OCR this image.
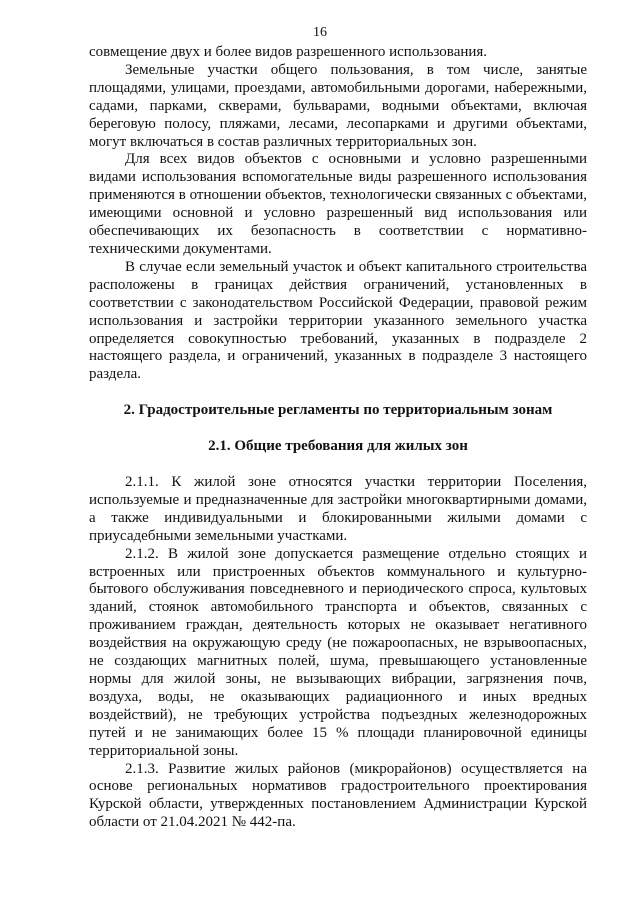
16

совмещение двух и более видов разрешенного использования.

Земельные участки общего пользования, в том числе, занятые площадями, улицами, проездами, автомобильными дорогами, набережными, садами, парками, скверами, бульварами, водными объектами, включая береговую полосу, пляжами, лесами, лесопарками и другими объектами, могут включаться в состав различных территориальных зон.

Для всех видов объектов с основными и условно разрешенными видами использования вспомогательные виды разрешенного использования применяются в отношении объектов, технологически связанных с объектами, имеющими основной и условно разрешенный вид использования или обеспечивающих их безопасность в соответствии с нормативно-техническими документами.

В случае если земельный участок и объект капитального строительства расположены в границах действия ограничений, установленных в соответствии с законодательством Российской Федерации, правовой режим использования и застройки территории указанного земельного участка определяется совокупностью требований, указанных в подразделе 2 настоящего раздела, и ограничений, указанных в подразделе 3 настоящего раздела.

2. Градостроительные регламенты по территориальным зонам
2.1. Общие требования для жилых зон

2.1.1. К жилой зоне относятся участки территории Поселения, используемые и предназначенные для застройки многоквартирными домами, а также индивидуальными и блокированными жилыми домами с приусадебными земельными участками.

2.1.2. В жилой зоне допускается размещение отдельно стоящих и встроенных или пристроенных объектов коммунального и культурно-бытового обслуживания повседневного и периодического спроса, культовых зданий, стоянок автомобильного транспорта и объектов, связанных с проживанием граждан, деятельность которых не оказывает негативного воздействия на окружающую среду (не пожароопасных, не взрывоопасных, не создающих магнитных полей, шума, превышающего установленные нормы для жилой зоны, не вызывающих вибрации, загрязнения почв, воздуха, воды, не оказывающих радиационного и иных вредных воздействий), не требующих устройства подъездных железнодорожных путей и не занимающих более 15 % площади планировочной единицы территориальной зоны.

2.1.3. Развитие жилых районов (микрорайонов) осуществляется на основе региональных нормативов градостроительного проектирования Курской области, утвержденных постановлением Администрации Курской области от 21.04.2021 № 442-па.
